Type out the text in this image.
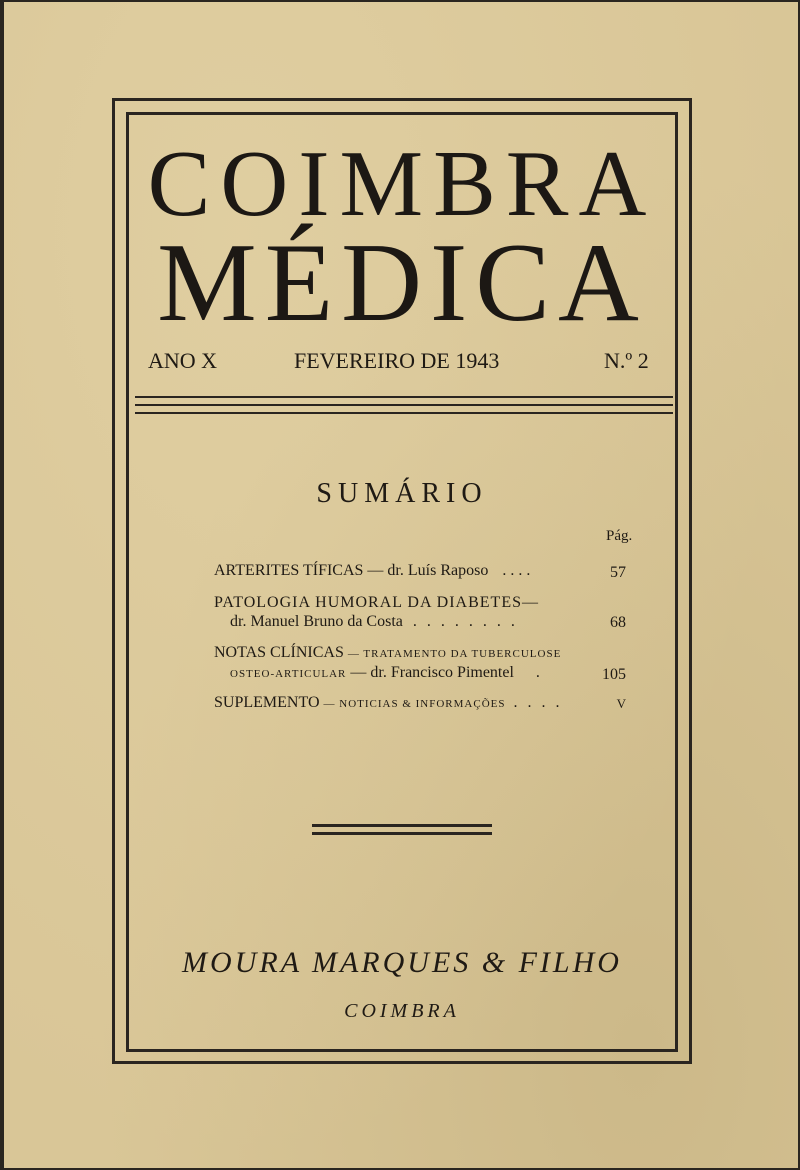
COIMBRA
MÉDICA
ANO X	FEVEREIRO DE 1943	N.º 2
SUMÁRIO
Pág.
ARTERITES TÍFICAS — dr. Luís Raposo . . . .	57
PATOLOGIA HUMORAL DA DIABETES—
dr. Manuel Bruno da Costa . . . . . . . .	68
NOTAS CLÍNICAS — TRATAMENTO DA TUBERCULOSE
OSTEO-ARTICULAR — dr. Francisco Pimentel .	105
SUPLEMENTO — NOTICIAS & INFORMAÇÕES . . . .	V
MOURA MARQUES & FILHO
COIMBRA
